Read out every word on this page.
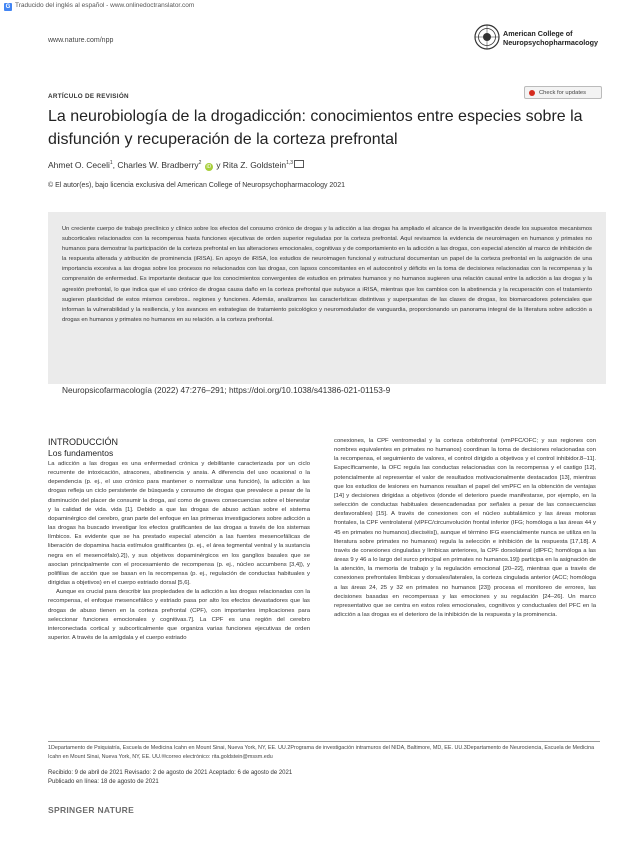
G Traducido del inglés al español - www.onlinedoctranslator.com
www.nature.com/npp
American College of
Neuropsychopharmacology
ARTÍCULO DE REVISIÓN	Check for updates
La neurobiología de la drogadicción: conocimientos entre especies sobre la disfunción y recuperación de la corteza prefrontal
Ahmet O. Ceceli$^1$, Charles W. Bradberry$^2$ iD y Rita Z. Goldstein$^{1,3}$
© El autor(es), bajo licencia exclusiva del American College of Neuropsychopharmacology 2021
Un creciente cuerpo de trabajo preclínico y clínico sobre los efectos del consumo crónico de drogas y la adicción a las drogas ha ampliado el alcance de la investigación desde los supuestos mecanismos subcorticales relacionados con la recompensa hasta funciones ejecutivas de orden superior reguladas por la corteza prefrontal. Aquí revisamos la evidencia de neuroimagen en humanos y primates no humanos para demostrar la participación de la corteza prefrontal en las alteraciones emocionales, cognitivas y de comportamiento en la adicción a las drogas, con especial atención al marco de inhibición de la respuesta alterada y atribución de prominencia (iRISA). En apoyo de iRISA, los estudios de neuroimagen funcional y estructural documentan un papel de la corteza prefrontal en la asignación de una importancia excesiva a las drogas sobre los procesos no relacionados con las drogas, con lapsos concomitantes en el autocontrol y déficits en la toma de decisiones relacionadas con la recompensa y la comprensión de enfermedad. Es importante destacar que los conocimientos convergentes de estudios en primates humanos y no humanos sugieren una relación causal entre la adicción a las drogas y la agresión prefrontal, lo que indica que el uso crónico de drogas causa daño en la corteza prefrontal que subyace a iRISA, mientras que los cambios con la abstinencia y la recuperación con el tratamiento sugieren plasticidad de estos mismos cerebros.. regiones y funciones. Además, analizamos las características distintivas y superpuestas de las clases de drogas, los biomarcadores potenciales que informan la vulnerabilidad y la resiliencia, y los avances en estrategias de tratamiento psicológico y neuromodulador de vanguardia, proporcionando un panorama integral de la literatura sobre adicción a drogas en humanos y primates no humanos en su relación. a la corteza prefrontal.
Neuropsicofarmacología (2022) 47:276–291; https://doi.org/10.1038/s41386-021-01153-9
INTRODUCCIÓN
Los fundamentos

La adicción a las drogas es una enfermedad crónica y debilitante caracterizada por un ciclo recurrente de intoxicación, atracones, abstinencia y ansia. A diferencia del uso ocasional o la dependencia (p. ej., el uso crónico para mantener o normalizar una función), la adicción a las drogas refleja un ciclo persistente de búsqueda y consumo de drogas que prevalece a pesar de la disminución del placer de consumir la droga, así como de graves consecuencias sobre el bienestar y la calidad de vida. vida [1]. Debido a que las drogas de abuso actúan sobre el sistema dopaminérgico del cerebro, gran parte del enfoque en las primeras investigaciones sobre adicción a las drogas ha buscado investigar los efectos gratificantes de las drogas a través de los sistemas límbicos. Es evidente que se ha prestado especial atención a las fuentes mesencefálicas de liberación de dopamina hacia estímulos gratificantes (p. ej., el área tegmental ventral y la sustancia negra en el mesencéfalo).2]), y sus objetivos dopaminérgicos en los ganglios basales que se asocian principalmente con el procesamiento de recompensa (p. ej., núcleo accumbens [3,4]), y polifilias de acción que se basan en la recompensa (p. ej., regulación de conductas habituales y dirigidas a objetivos) en el cuerpo estriado dorsal [5,6].

Aunque es crucial para describir las propiedades de la adicción a las drogas relacionadas con la recompensa, el enfoque mesencefálico y estriado pasa por alto los efectos devastadores que las drogas de abuso tienen en la corteza prefrontal (CPF), con importantes implicaciones para seleccionar funciones emocionales y cognitivas.7]. La CPF es una región del cerebro interconectada cortical y subcorticalmente que organiza varias funciones ejecutivas de orden superior. A través de la amígdala y el cuerpo estriado

conexiones, la CPF ventromedial y la corteza orbitofrontal (vmPFC/OFC; y sus regiones con nombres equivalentes en primates no humanos) coordinan la toma de decisiones relacionadas con la recompensa, el seguimiento de valores, el control dirigido a objetivos y el control inhibidor.8–11]. Específicamente, la OFC regula las conductas relacionadas con la recompensa y el castigo [12], potencialmente al representar el valor de resultados motivacionalmente destacados [13], mientras que los estudios de lesiones en humanos resaltan el papel del vmPFC en la obtención de ventajas [14] y decisiones dirigidas a objetivos (donde el deterioro puede manifestarse, por ejemplo, en la selección de conductas habituales desencadenadas por señales a pesar de las consecuencias desfavorables) [15]. A través de conexiones con el núcleo subtalámico y las áreas motoras frontales, la CPF ventrolateral (vlPFC/circunvolución frontal inferior (IFG; homóloga a las áreas 44 y 45 en primates no humanos).dieciséis]), aunque el término IFG esencialmente nunca se utiliza en la literatura sobre primates no humanos) regula la selección e inhibición de la respuesta [17,18]. A través de conexiones cinguladas y límbicas anteriores, la CPF dorsolateral (dlPFC; homóloga a las áreas 9 y 46 a lo largo del surco principal en primates no humanos.19]) participa en la asignación de la atención, la memoria de trabajo y la regulación emocional [20–22], mientras que a través de conexiones prefrontales límbicas y dorsales/laterales, la corteza cingulada anterior (ACC; homóloga a las áreas 24, 25 y 32 en primates no humanos [23]) procesa el monitoreo de errores, las decisiones basadas en recompensas y las emociones y su regulación [24–26]. Un marco representativo que se centra en estos roles emocionales, cognitivos y conductuales del PFC en la adicción a las drogas es el deterioro de la inhibición de la respuesta y la prominencia.

1Departamento de Psiquiatría, Escuela de Medicina Icahn en Mount Sinai, Nueva York, NY, EE. UU.2Programa de investigación intramuros del NIDA, Baltimore, MD, EE. UU.3Departamento de Neurociencia, Escuela de Medicina Icahn en Mount Sinai, Nueva York, NY, EE. UU.✉correo electrónico: rita.goldstein@mssm.edu
Recibido: 9 de abril de 2021 Revisado: 2 de agosto de 2021 Aceptado: 6 de agosto de 2021
Publicado en línea: 18 de agosto de 2021
SPRINGER NATURE
